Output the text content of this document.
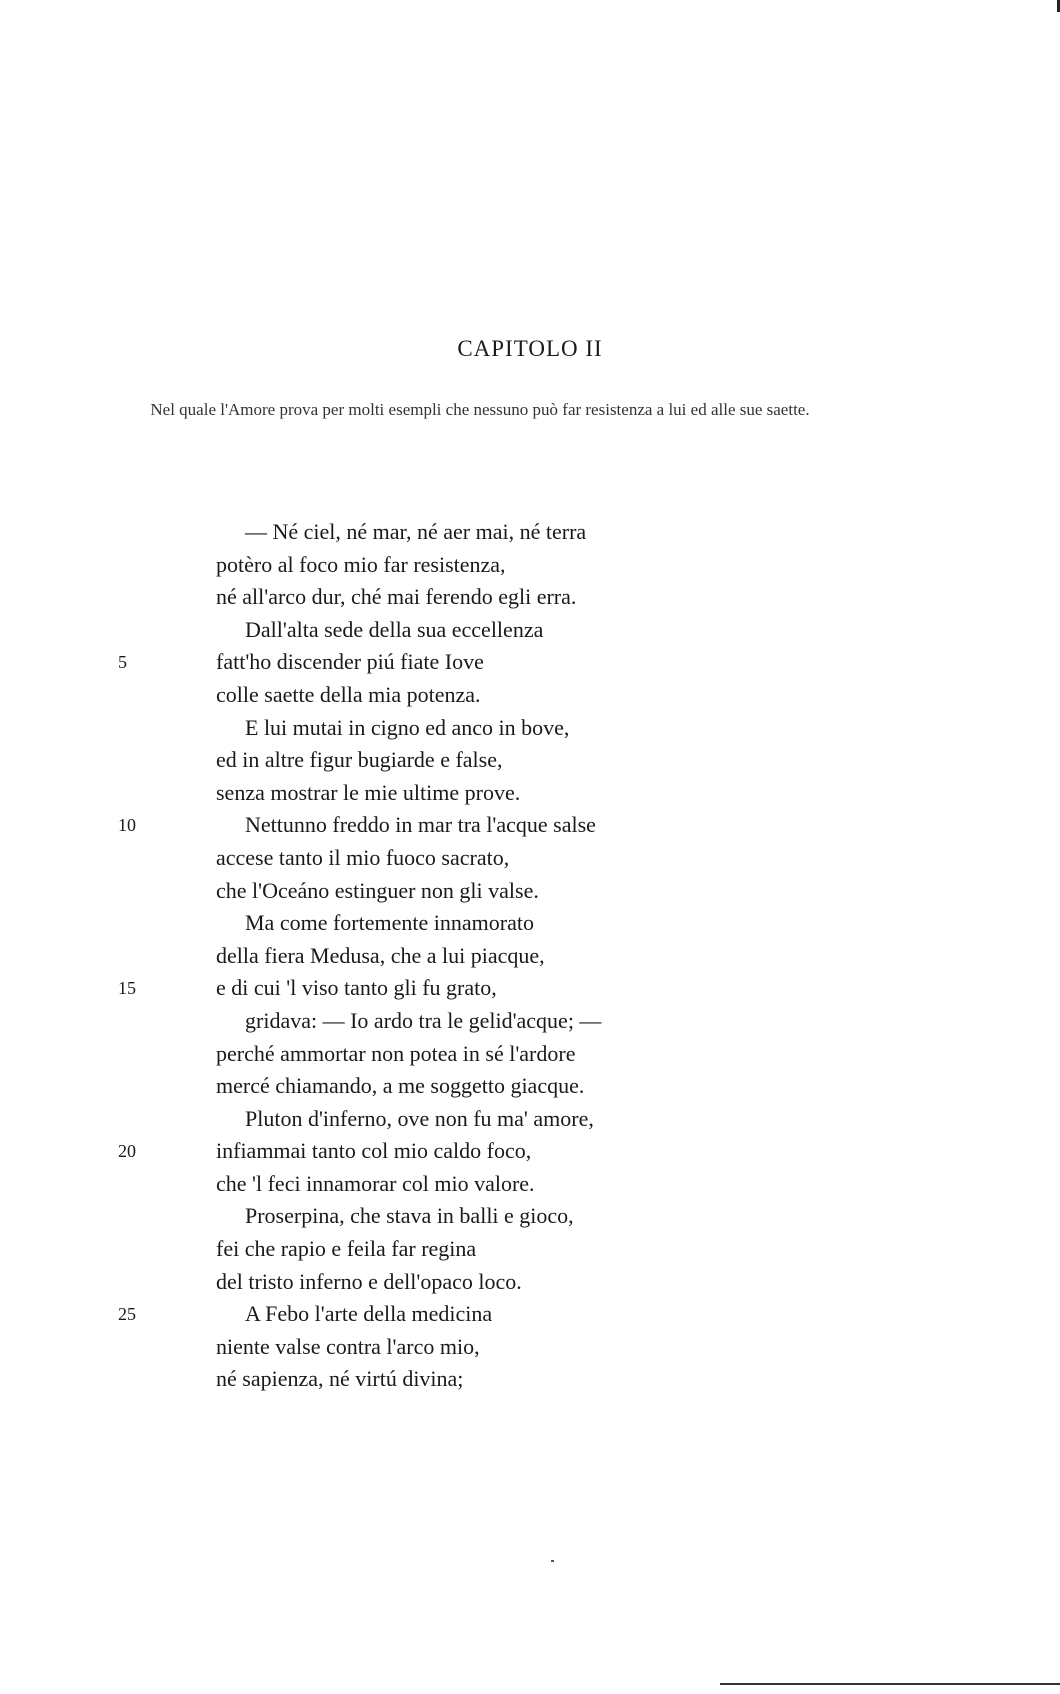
CAPITOLO II

Nel quale l'Amore prova per molti esempli che nessuno può far resistenza a lui ed alle sue saette.

— Né ciel, né mar, né aer mai, né terra
potèro al foco mio far resistenza,
né all'arco dur, ché mai ferendo egli erra.
Dall'alta sede della sua eccellenza
5	fatt'ho discender piú fiate Iove
colle saette della mia potenza.
E lui mutai in cigno ed anco in bove,
ed in altre figur bugiarde e false,
senza mostrar le mie ultime prove.
10	Nettunno freddo in mar tra l'acque salse
accese tanto il mio fuoco sacrato,
che l'Oceáno estinguer non gli valse.
Ma come fortemente innamorato
della fiera Medusa, che a lui piacque,
15	e di cui 'l viso tanto gli fu grato,
gridava: — Io ardo tra le gelid'acque; —
perché ammortar non potea in sé l'ardore
mercé chiamando, a me soggetto giacque.
Pluton d'inferno, ove non fu ma' amore,
20	infiammai tanto col mio caldo foco,
che 'l feci innamorar col mio valore.
Proserpina, che stava in balli e gioco,
fei che rapio e feila far regina
del tristo inferno e dell'opaco loco.
25	A Febo l'arte della medicina
niente valse contra l'arco mio,
né sapienza, né virtú divina;
